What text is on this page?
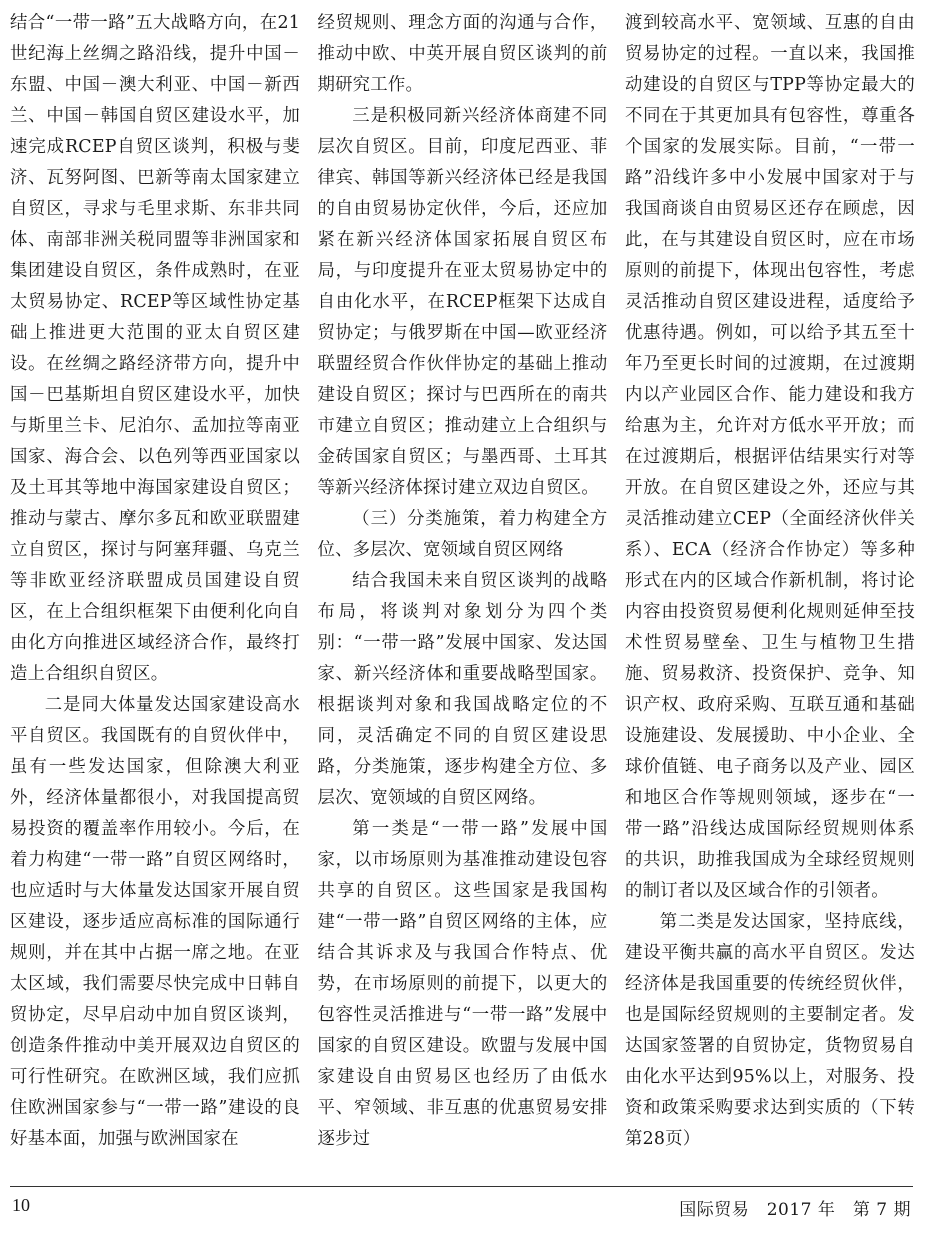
结合“一带一路”五大战略方向，在21世纪海上丝绸之路沿线，提升中国－东盟、中国－澳大利亚、中国－新西兰、中国－韩国自贸区建设水平，加速完成RCEP自贸区谈判，积极与斐济、瓦努阿图、巴新等南太国家建立自贸区，寻求与毛里求斯、东非共同体、南部非洲关税同盟等非洲国家和集团建设自贸区，条件成熟时，在亚太贸易协定、RCEP等区域性协定基础上推进更大范围的亚太自贸区建设。在丝绸之路经济带方向，提升中国－巴基斯坦自贸区建设水平，加快与斯里兰卡、尼泊尔、孟加拉等南亚国家、海合会、以色列等西亚国家以及土耳其等地中海国家建设自贸区；推动与蒙古、摩尔多瓦和欧亚联盟建立自贸区，探讨与阿塞拜疆、乌克兰等非欧亚经济联盟成员国建设自贸区，在上合组织框架下由便利化向自由化方向推进区域经济合作，最终打造上合组织自贸区。

二是同大体量发达国家建设高水平自贸区。我国既有的自贸伙伴中，虽有一些发达国家，但除澳大利亚外，经济体量都很小，对我国提高贸易投资的覆盖率作用较小。今后，在着力构建“一带一路”自贸区网络时，也应适时与大体量发达国家开展自贸区建设，逐步适应高标准的国际通行规则，并在其中占据一席之地。在亚太区域，我们需要尽快完成中日韩自贸协定，尽早启动中加自贸区谈判，创造条件推动中美开展双边自贸区的可行性研究。在欧洲区域，我们应抓住欧洲国家参与“一带一路”建设的良好基本面，加强与欧洲国家在

经贸规则、理念方面的沟通与合作，推动中欧、中英开展自贸区谈判的前期研究工作。

三是积极同新兴经济体商建不同层次自贸区。目前，印度尼西亚、菲律宾、韩国等新兴经济体已经是我国的自由贸易协定伙伴，今后，还应加紧在新兴经济体国家拓展自贸区布局，与印度提升在亚太贸易协定中的自由化水平，在RCEP框架下达成自贸协定；与俄罗斯在中国—欧亚经济联盟经贸合作伙伴协定的基础上推动建设自贸区；探讨与巴西所在的南共市建立自贸区；推动建立上合组织与金砖国家自贸区；与墨西哥、土耳其等新兴经济体探讨建立双边自贸区。

（三）分类施策，着力构建全方位、多层次、宽领域自贸区网络

结合我国未来自贸区谈判的战略布局，将谈判对象划分为四个类别：“一带一路”发展中国家、发达国家、新兴经济体和重要战略型国家。根据谈判对象和我国战略定位的不同，灵活确定不同的自贸区建设思路，分类施策，逐步构建全方位、多层次、宽领域的自贸区网络。

第一类是“一带一路”发展中国家，以市场原则为基准推动建设包容共享的自贸区。这些国家是我国构建“一带一路”自贸区网络的主体，应结合其诉求及与我国合作特点、优势，在市场原则的前提下，以更大的包容性灵活推进与“一带一路”发展中国家的自贸区建设。欧盟与发展中国家建设自由贸易区也经历了由低水平、窄领域、非互惠的优惠贸易安排逐步过

渡到较高水平、宽领域、互惠的自由贸易协定的过程。一直以来，我国推动建设的自贸区与TPP等协定最大的不同在于其更加具有包容性，尊重各个国家的发展实际。目前，“一带一路”沿线许多中小发展中国家对于与我国商谈自由贸易区还存在顾虑，因此，在与其建设自贸区时，应在市场原则的前提下，体现出包容性，考虑灵活推动自贸区建设进程，适度给予优惠待遇。例如，可以给予其五至十年乃至更长时间的过渡期，在过渡期内以产业园区合作、能力建设和我方给惠为主，允许对方低水平开放；而在过渡期后，根据评估结果实行对等开放。在自贸区建设之外，还应与其灵活推动建立CEP（全面经济伙伴关系）、ECA（经济合作协定）等多种形式在内的区域合作新机制，将讨论内容由投资贸易便利化规则延伸至技术性贸易壁垒、卫生与植物卫生措施、贸易救济、投资保护、竞争、知识产权、政府采购、互联互通和基础设施建设、发展援助、中小企业、全球价值链、电子商务以及产业、园区和地区合作等规则领域，逐步在“一带一路”沿线达成国际经贸规则体系的共识，助推我国成为全球经贸规则的制订者以及区域合作的引领者。

第二类是发达国家，坚持底线，建设平衡共赢的高水平自贸区。发达经济体是我国重要的传统经贸伙伴，也是国际经贸规则的主要制定者。发达国家签署的自贸协定，货物贸易自由化水平达到95%以上，对服务、投资和政策采购要求达到实质的（下转第28页）

10	国际贸易　2017 年　第 7 期
